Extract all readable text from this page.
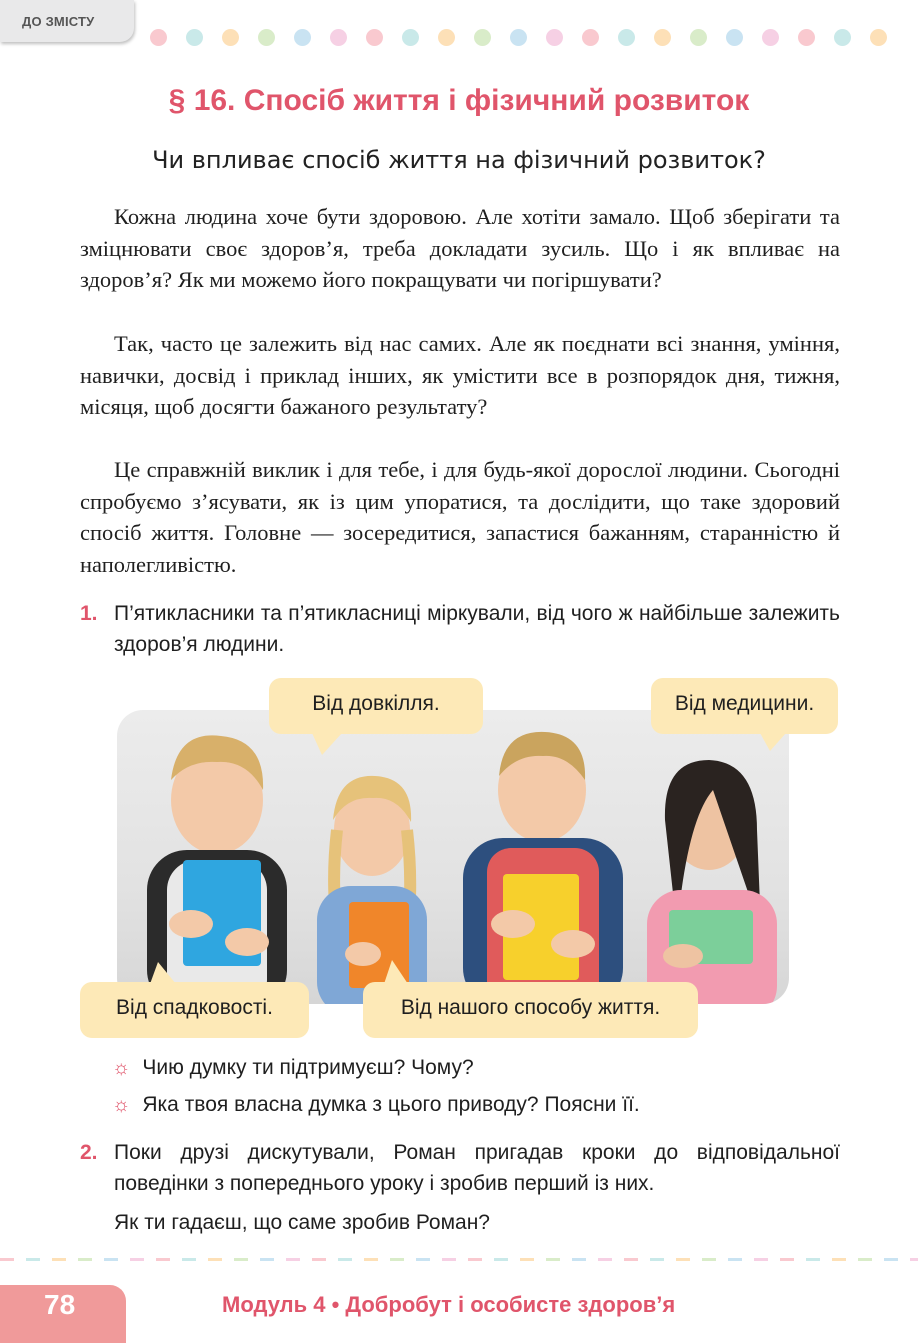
ДО ЗМІСТУ
§ 16. Спосіб життя і фізичний розвиток
Чи впливає спосіб життя на фізичний розвиток?
Кожна людина хоче бути здоровою. Але хотіти замало. Щоб зберігати та зміцнювати своє здоров’я, треба докладати зусиль. Що і як впливає на здоров’я? Як ми можемо його покращувати чи погіршувати?
Так, часто це залежить від нас самих. Але як поєднати всі знання, уміння, навички, досвід і приклад інших, як умістити все в розпорядок дня, тижня, місяця, щоб досягти бажаного результату?
Це справжній виклик і для тебе, і для будь-якої дорослої людини. Сьогодні спробуємо з’ясувати, як із цим упоратися, та дослідити, що таке здоровий спосіб життя. Головне — зосередитися, запастися бажанням, старанністю й наполегливістю.
1. П’ятикласники та п’ятикласниці міркували, від чого ж найбільше залежить здоров’я людини.
Від довкілля.	Від медицини.
Від спадковості.	Від нашого способу життя.
☼ Чию думку ти підтримуєш? Чому?
☼ Яка твоя власна думка з цього приводу? Поясни її.
2. Поки друзі дискутували, Роман пригадав кроки до відповідальної поведінки з попереднього уроку і зробив перший із них.
Як ти гадаєш, що саме зробив Роман?
78	Модуль 4 • Добробут і особисте здоров’я
